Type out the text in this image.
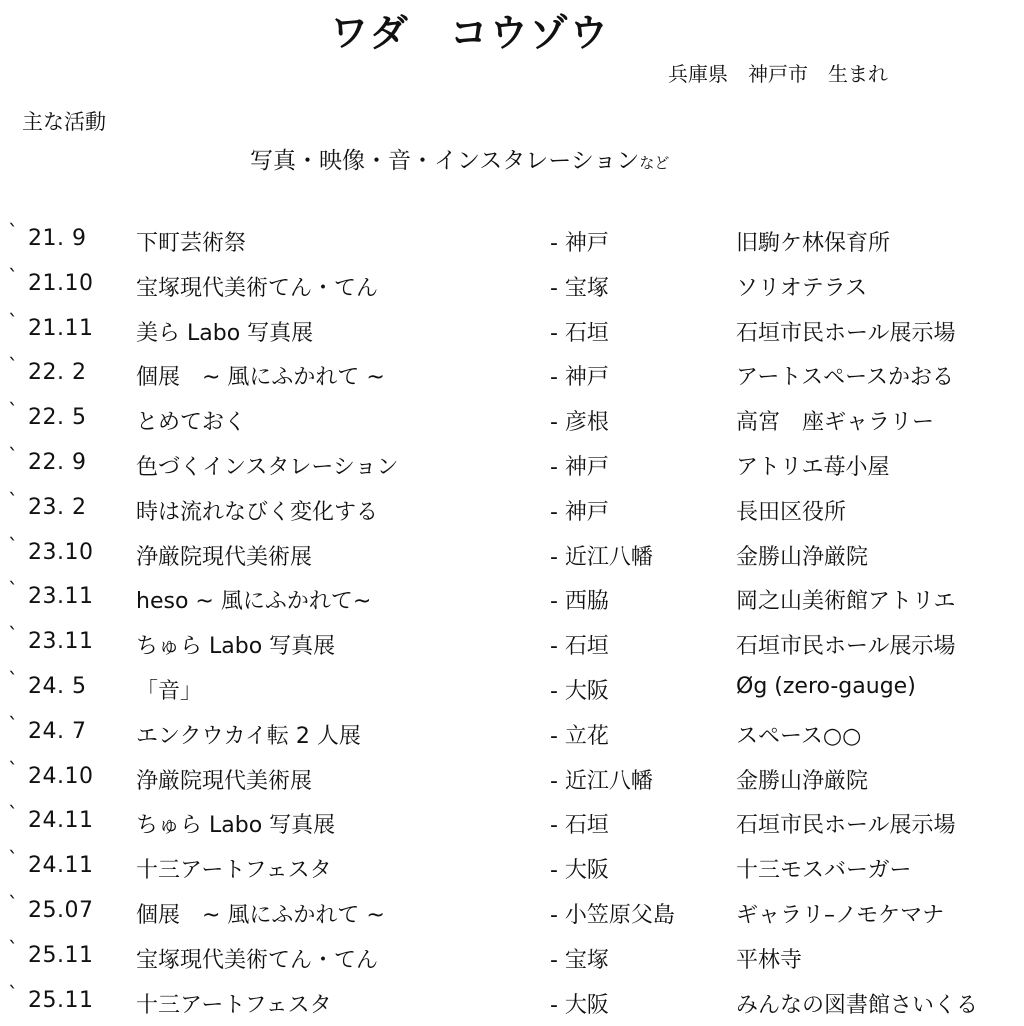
ワダ　コウゾウ
兵庫県　神戸市　生まれ
主な活動
写真・映像・音・インスタレーションなど
` 21. 9 下町芸術祭	- 神戸	旧駒ケ林保育所
` 21.10 宝塚現代美術てん・てん	- 宝塚	ソリオテラス
` 21.11 美ら Labo 写真展	- 石垣	石垣市民ホール展示場
` 22. 2 個展　~ 風にふかれて ~	- 神戸	アートスペースかおる
` 22. 5 とめておく	- 彦根	高宮　座ギャラリー
` 22. 9 色づくインスタレーション	- 神戸	アトリエ苺小屋
` 23. 2 時は流れなびく変化する	- 神戸	長田区役所
` 23.10 浄厳院現代美術展	- 近江八幡	金勝山浄厳院
` 23.11 heso ~ 風にふかれて~	- 西脇	岡之山美術館アトリエ
` 23.11 ちゅら Labo 写真展	- 石垣	石垣市民ホール展示場
` 24. 5 「音」	- 大阪	Øg (zero-gauge)
` 24. 7 エンクウカイ転 2 人展	- 立花	スペース○○
` 24.10 浄厳院現代美術展	- 近江八幡	金勝山浄厳院
` 24.11 ちゅら Labo 写真展	- 石垣	石垣市民ホール展示場
` 24.11 十三アートフェスタ	- 大阪	十三モスバーガー
` 25.07 個展　~ 風にふかれて ~	- 小笠原父島	ギャラリ–ノモケマナ
` 25.11 宝塚現代美術てん・てん	- 宝塚	平林寺
` 25.11 十三アートフェスタ	- 大阪	みんなの図書館さいくる
